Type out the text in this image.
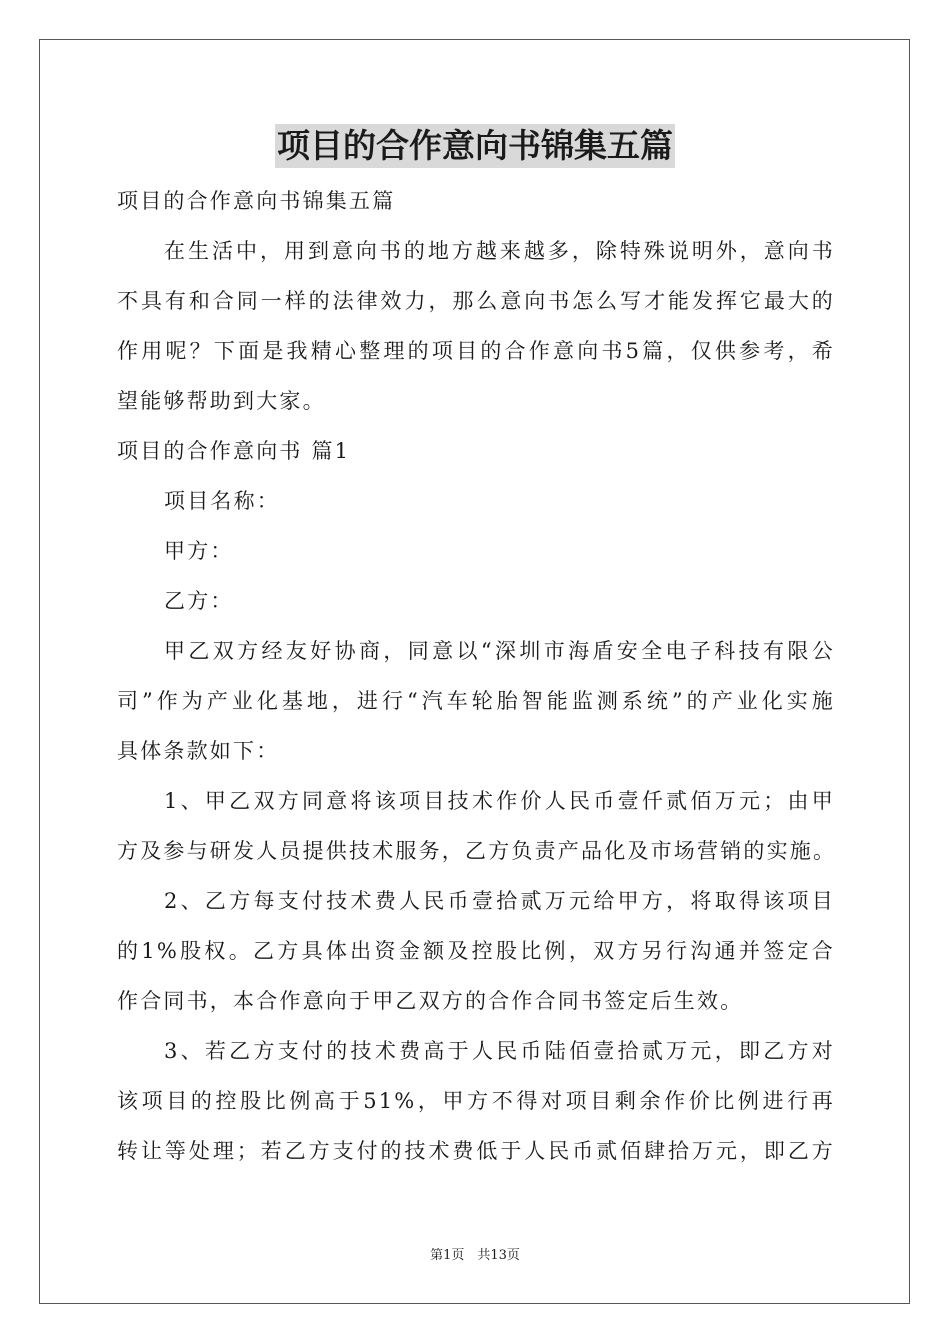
项目的合作意向书锦集五篇
项目的合作意向书锦集五篇
在生活中，用到意向书的地方越来越多，除特殊说明外，意向书
不具有和合同一样的法律效力，那么意向书怎么写才能发挥它最大的
作用呢？下面是我精心整理的项目的合作意向书5篇，仅供参考，希
望能够帮助到大家。
项目的合作意向书 篇1
项目名称：
甲方：
乙方：
甲乙双方经友好协商，同意以“深圳市海盾安全电子科技有限公
司”作为产业化基地，进行“汽车轮胎智能监测系统”的产业化实施
具体条款如下：
1、甲乙双方同意将该项目技术作价人民币壹仟贰佰万元；由甲
方及参与研发人员提供技术服务，乙方负责产品化及市场营销的实施。
2、乙方每支付技术费人民币壹拾贰万元给甲方，将取得该项目
的1%股权。乙方具体出资金额及控股比例，双方另行沟通并签定合
作合同书，本合作意向于甲乙双方的合作合同书签定后生效。
3、若乙方支付的技术费高于人民币陆佰壹拾贰万元，即乙方对
该项目的控股比例高于51%，甲方不得对项目剩余作价比例进行再
转让等处理；若乙方支付的技术费低于人民币贰佰肆拾万元，即乙方
第1页　共13页
